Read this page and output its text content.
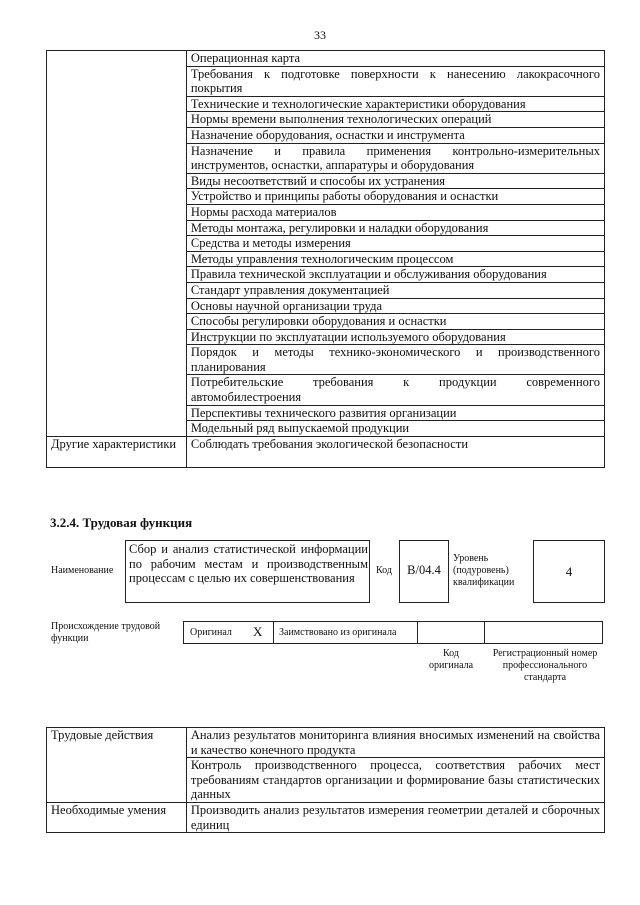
33

	Операционная карта

	Требования к подготовке поверхности к нанесению лакокрасочного покрытия

	Технические и технологические характеристики оборудования

	Нормы времени выполнения технологических операций

	Назначение оборудования, оснастки и инструмента

	Назначение и правила применения контрольно-измерительных инструментов, оснастки, аппаратуры и оборудования

	Виды несоответствий и способы их устранения

	Устройство и принципы работы оборудования и оснастки

	Нормы расхода материалов

	Методы монтажа, регулировки и наладки оборудования

	Средства и методы измерения

	Методы управления технологическим процессом

	Правила технической эксплуатации и обслуживания оборудования

	Стандарт управления документацией

	Основы научной организации труда

	Способы регулировки оборудования и оснастки

	Инструкции по эксплуатации используемого оборудования

	Порядок и методы технико-экономического и производственного планирования

	Потребительские требования к продукции современного автомобилестроения

	Перспективы технического развития организации

	Модельный ряд выпускаемой продукции

Другие характеристики	Соблюдать требования экологической безопасности
3.2.4. Трудовая функция
Наименование
Сбор и анализ статистической информации по рабочим местам и производственным процессам с целью их совершенствования
Код	B/04.4
Уровень (подуровень) квалификации
4
Происхождение трудовой функции
Оригинал X Заимствовано из оригинала
Код оригинала
Регистрационный номер профессионального стандарта
Трудовые действия	Анализ результатов мониторинга влияния вносимых изменений на свойства и качество конечного продукта

	Контроль производственного процесса, соответствия рабочих мест требованиям стандартов организации и формирование базы статистических данных

Необходимые умения	Производить анализ результатов измерения геометрии деталей и сборочных единиц
